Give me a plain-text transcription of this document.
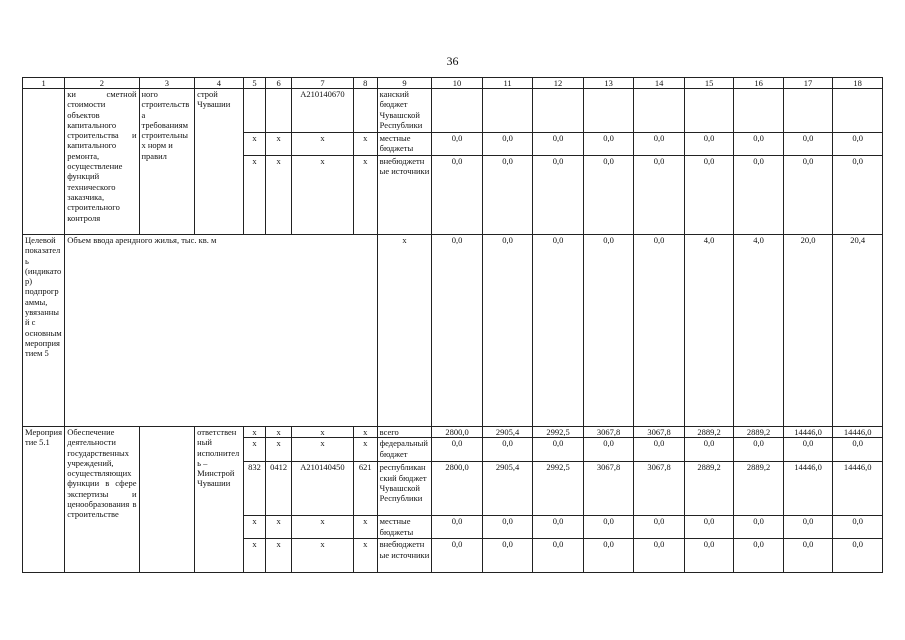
36
1	2	3	4	5	6	7	8	9	10	11	12	13	14	15	16	17	18
	ки сметной стоимости объектов капитального строительства и капитального ремонта, осуществление функций технического заказчика, строительного контроля	ного строительства требованиям строительных норм и правил	строй Чувашии			А210140670		канский бюджет Чувашской Республики									
				х	х	х	х	местные бюджеты	0,0	0,0	0,0	0,0	0,0	0,0	0,0	0,0	0,0
				х	х	х	х	внебюджетные источники	0,0	0,0	0,0	0,0	0,0	0,0	0,0	0,0	0,0
Целевой показатель (индикатор) подпрограммы, увязанный с основным мероприятием 5	Объем ввода арендного жилья, тыс. кв. м							х	0,0	0,0	0,0	0,0	0,0	4,0	4,0	20,0	20,4
Мероприятие 5.1	Обеспечение деятельности государственных учреждений, осуществляющих функции в сфере экспертизы и ценообразования в строительстве		ответственный исполнитель – Минстрой Чувашии	х	х	х	х	всего	2800,0	2905,4	2992,5	3067,8	3067,8	2889,2	2889,2	14446,0	14446,0
				х	х	х	х	федеральный бюджет	0,0	0,0	0,0	0,0	0,0	0,0	0,0	0,0	0,0
				832	0412	А210140450	621	республиканский бюджет Чувашской Республики	2800,0	2905,4	2992,5	3067,8	3067,8	2889,2	2889,2	14446,0	14446,0
				х	х	х	х	местные бюджеты	0,0	0,0	0,0	0,0	0,0	0,0	0,0	0,0	0,0
				х	х	х	х	внебюджетные источники	0,0	0,0	0,0	0,0	0,0	0,0	0,0	0,0	0,0
